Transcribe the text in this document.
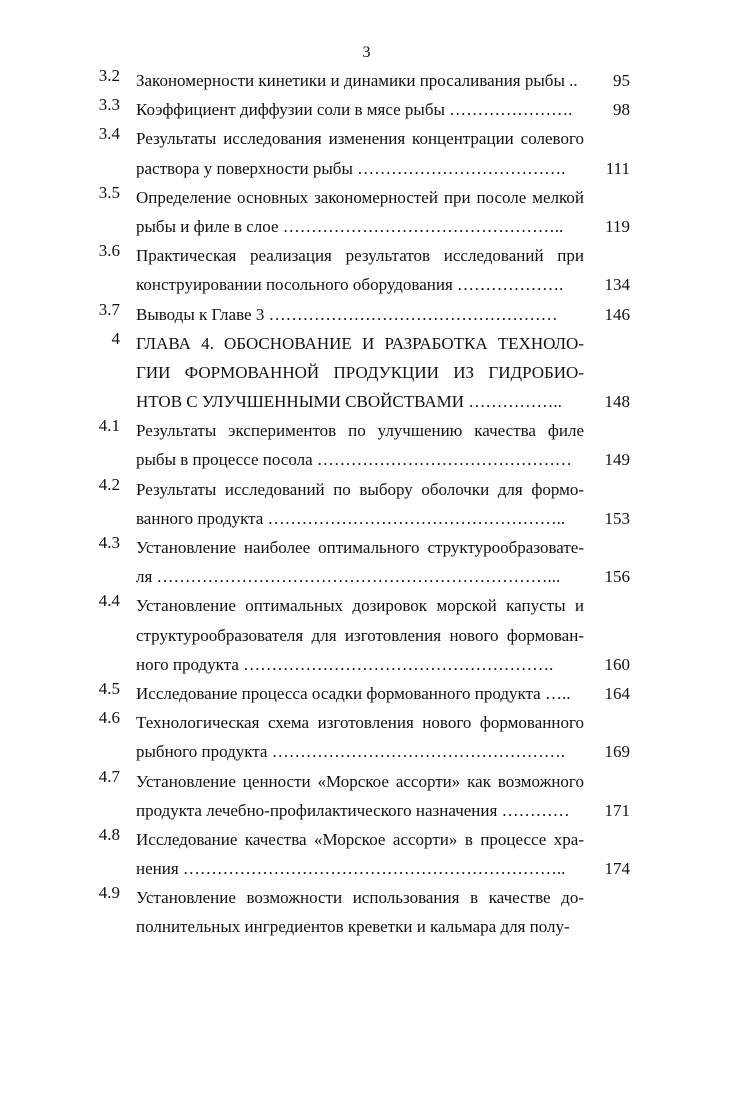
3
3.2 Закономерности кинетики и динамики просаливания рыбы ..	95
3.3 Коэффициент диффузии соли в мясе рыбы ………………….	98
3.4 Результаты исследования изменения концентрации солевого
раствора у поверхности рыбы ……………………………….	111
3.5 Определение основных закономерностей при посоле мелкой
рыбы и филе в слое …………………………………………..	119
3.6 Практическая реализация результатов исследований при
конструировании посольного оборудования ……………….	134
3.7 Выводы к Главе 3 ……………………………………………	146
4 ГЛАВА 4. ОБОСНОВАНИЕ И РАЗРАБОТКА ТЕХНОЛО-
ГИИ ФОРМОВАННОЙ ПРОДУКЦИИ ИЗ ГИДРОБИО-
НТОВ С УЛУЧШЕННЫМИ СВОЙСТВАМИ ……………..	148
4.1 Результаты экспериментов по улучшению качества филе
рыбы в процессе посола ………………………………………	149
4.2 Результаты исследований по выбору оболочки для формо-
ванного продукта ……………………………………………..	153
4.3 Установление наиболее оптимального структурообразовате-
ля ……………………………………………………………...	156
4.4 Установление оптимальных дозировок морской капусты и
структурообразователя для изготовления нового формован-
ного продукта ……………………………………………….	160
4.5 Исследование процесса осадки формованного продукта …..	164
4.6 Технологическая схема изготовления нового формованного
рыбного продукта …………………………………………….	169
4.7 Установление ценности «Морское ассорти» как возможного
продукта лечебно-профилактического назначения …………	171
4.8 Исследование качества «Морское ассорти» в процессе хра-
нения …………………………………………………………..	174
4.9 Установление возможности использования в качестве до-
полнительных ингредиентов креветки и кальмара для полу-
